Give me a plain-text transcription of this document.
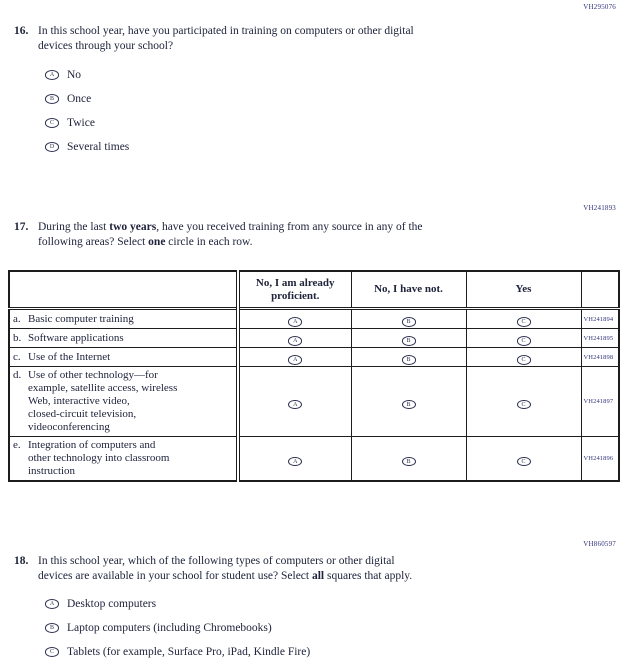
VH295076
16. In this school year, have you participated in training on computers or other digital
devices through your school?
A	No
B	Once
C	Twice
D	Several times
VH241893
17. During the last two years, have you received training from any source in any of the
following areas? Select one circle in each row.
	No, I am already proficient.	No, I have not.	Yes	

a. Basic computer training	A	B	C	VH241894

b. Software applications	A	B	C	VH241895

c. Use of the Internet	A	B	C	VH241898

d. Use of other technology—for
example, satellite access, wireless
Web, interactive video,
closed-circuit television,
videoconferencing
	A	B	C	VH241897

e. Integration of computers and
other technology into classroom
instruction	A	B	C	VH241896
VH860597
18. In this school year, which of the following types of computers or other digital
devices are available in your school for student use? Select all squares that apply.
A	Desktop computers
B	Laptop computers (including Chromebooks)
C	Tablets (for example, Surface Pro, iPad, Kindle Fire)
